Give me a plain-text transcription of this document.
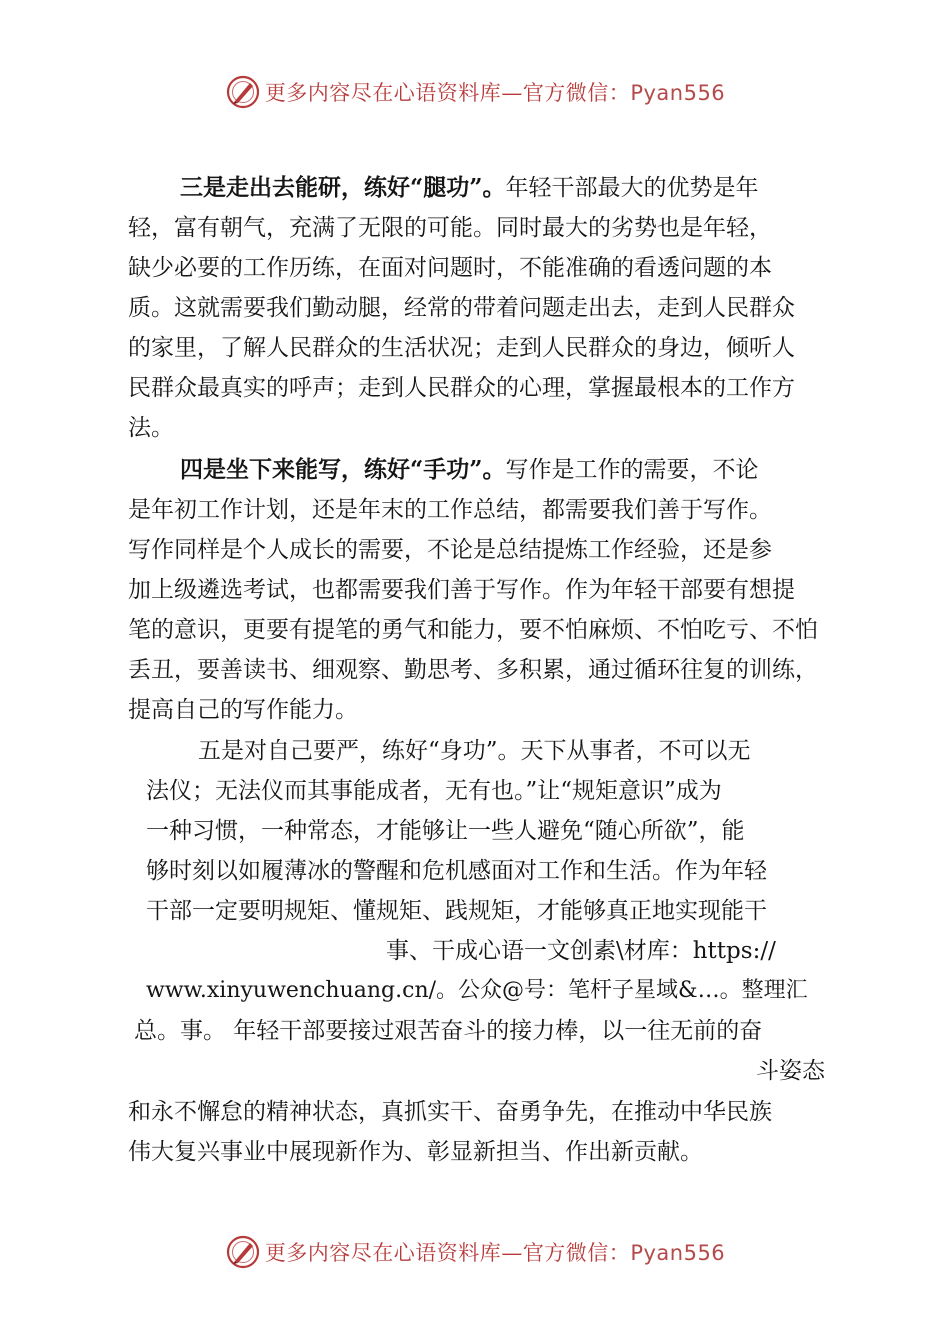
更多内容尽在心语资料库—官方微信：Pyan556
三是走出去能研，练好“腿功”。年轻干部最大的优势是年
轻，富有朝气，充满了无限的可能。同时最大的劣势也是年轻，
缺少必要的工作历练，在面对问题时，不能准确的看透问题的本
质。这就需要我们勤动腿，经常的带着问题走出去，走到人民群众
的家里，了解人民群众的生活状况；走到人民群众的身边，倾听人
民群众最真实的呼声；走到人民群众的心理，掌握最根本的工作方
法。
四是坐下来能写，练好“手功”。写作是工作的需要，不论
是年初工作计划，还是年末的工作总结，都需要我们善于写作。
写作同样是个人成长的需要，不论是总结提炼工作经验，还是参
加上级遴选考试，也都需要我们善于写作。作为年轻干部要有想提
笔的意识，更要有提笔的勇气和能力，要不怕麻烦、不怕吃亏、不怕
丢丑，要善读书、细观察、勤思考、多积累，通过循环往复的训练，
提高自己的写作能力。
五是对自己要严，练好“身功”。天下从事者，不可以无
法仪；无法仪而其事能成者，无有也。”让“规矩意识”成为
一种习惯，一种常态，才能够让一些人避免“随心所欲”，能
够时刻以如履薄冰的警醒和危机感面对工作和生活。作为年轻
干部一定要明规矩、懂规矩、践规矩，才能够真正地实现能干
事、干成心语一文创素\材库：https://
www.xinyuwenchuang.cn/。公众@号：笔杆子星域&…。整理汇
总。事。 年轻干部要接过艰苦奋斗的接力棒，以一往无前的奋
斗姿态
和永不懈怠的精神状态，真抓实干、奋勇争先，在推动中华民族
伟大复兴事业中展现新作为、彰显新担当、作出新贡献。
更多内容尽在心语资料库—官方微信：Pyan556
